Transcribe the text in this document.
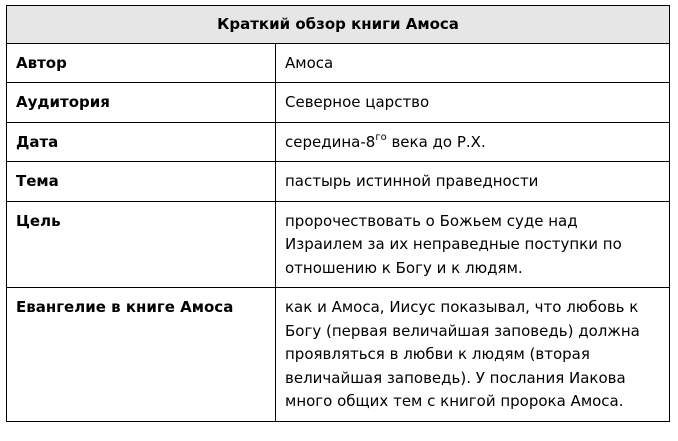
Краткий обзор книги Амоса	
Автор	Амоса
Аудитория	Северное царство
Дата	середина-$8^{го}$ века до Р.Х.
Тема	пастырь истинной праведности
Цель	пророчествовать о Божьем суде над Израилем за их неправедные поступки по отношению к Богу и к людям.
Евангелие в книге Амоса	как и Амоса, Иисус показывал, что любовь к Богу (первая величайшая заповедь) должна проявляться в любви к людям (вторая величайшая заповедь). У послания Иакова много общих тем с книгой пророка Амоса.
